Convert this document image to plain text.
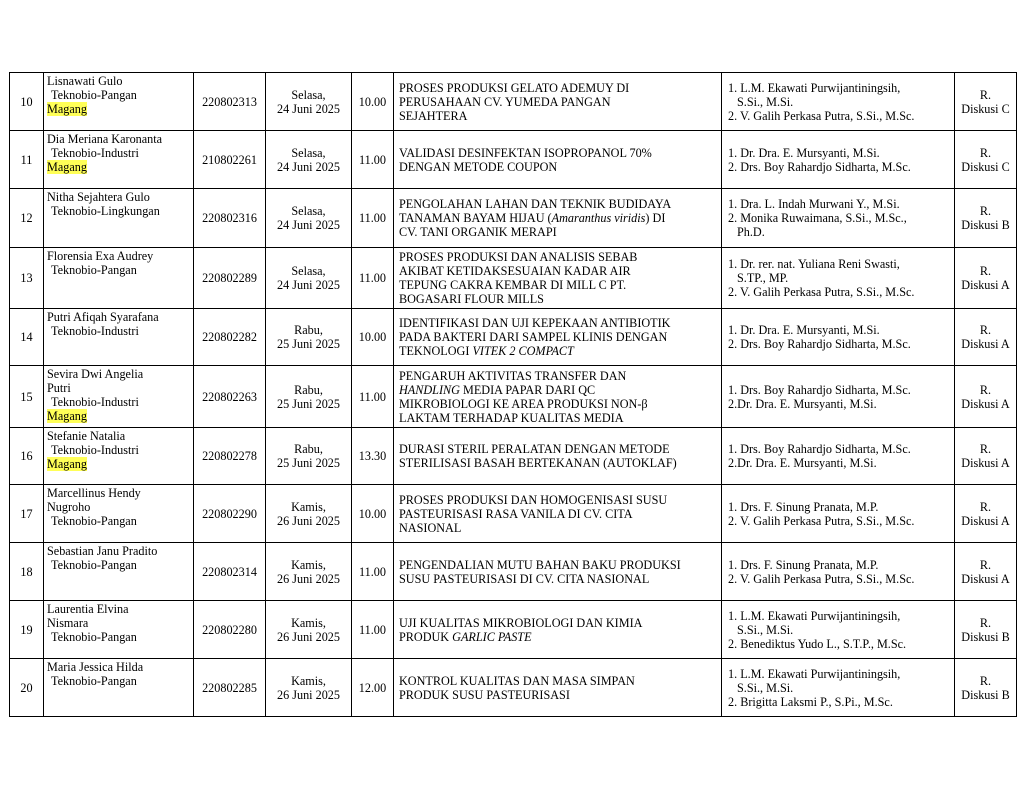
10	Lisnawati Gulo
Teknobio-Pangan
Magang	220802313	Selasa,
24 Juni 2025	10.00	PROSES PRODUKSI GELATO ADEMUY DI
PERUSAHAAN CV. YUMEDA PANGAN
SEJAHTERA	1. L.M. Ekawati Purwijantiningsih,
S.Si., M.Si.
2. V. Galih Perkasa Putra, S.Si., M.Sc.	R.
Diskusi C

11	Dia Meriana Karonanta
Teknobio-Industri
Magang	210802261	Selasa,
24 Juni 2025	11.00	VALIDASI DESINFEKTAN ISOPROPANOL 70%
DENGAN METODE COUPON	1. Dr. Dra. E. Mursyanti, M.Si.
2. Drs. Boy Rahardjo Sidharta, M.Sc.	R.
Diskusi C

12	Nitha Sejahtera Gulo
Teknobio-Lingkungan	220802316	Selasa,
24 Juni 2025	11.00	PENGOLAHAN LAHAN DAN TEKNIK BUDIDAYA
TANAMAN BAYAM HIJAU (Amaranthus viridis) DI
CV. TANI ORGANIK MERAPI	1. Dra. L. Indah Murwani Y., M.Si.
2. Monika Ruwaimana, S.Si., M.Sc.,
Ph.D.	R.
Diskusi B

13	Florensia Exa Audrey
Teknobio-Pangan	220802289	Selasa,
24 Juni 2025	11.00	PROSES PRODUKSI DAN ANALISIS SEBAB
AKIBAT KETIDAKSESUAIAN KADAR AIR
TEPUNG CAKRA KEMBAR DI MILL C PT.
BOGASARI FLOUR MILLS	1. Dr. rer. nat. Yuliana Reni Swasti,
S.TP., MP.
2. V. Galih Perkasa Putra, S.Si., M.Sc.	R.
Diskusi A

14	Putri Afiqah Syarafana
Teknobio-Industri	220802282	Rabu,
25 Juni 2025	10.00	IDENTIFIKASI DAN UJI KEPEKAAN ANTIBIOTIK
PADA BAKTERI DARI SAMPEL KLINIS DENGAN
TEKNOLOGI VITEK 2 COMPACT	1. Dr. Dra. E. Mursyanti, M.Si.
2. Drs. Boy Rahardjo Sidharta, M.Sc.	R.
Diskusi A

15	Sevira Dwi Angelia
Putri
Teknobio-Industri
Magang	220802263	Rabu,
25 Juni 2025	11.00	PENGARUH AKTIVITAS TRANSFER DAN
HANDLING MEDIA PAPAR DARI QC
MIKROBIOLOGI KE AREA PRODUKSI NON-β
LAKTAM TERHADAP KUALITAS MEDIA	1. Drs. Boy Rahardjo Sidharta, M.Sc.
2.Dr. Dra. E. Mursyanti, M.Si.	R.
Diskusi A

16	Stefanie Natalia
Teknobio-Industri
Magang	220802278	Rabu,
25 Juni 2025	13.30	DURASI STERIL PERALATAN DENGAN METODE
STERILISASI BASAH BERTEKANAN (AUTOKLAF)	1. Drs. Boy Rahardjo Sidharta, M.Sc.
2.Dr. Dra. E. Mursyanti, M.Si.	R.
Diskusi A

17	Marcellinus Hendy
Nugroho
Teknobio-Pangan	220802290	Kamis,
26 Juni 2025	10.00	PROSES PRODUKSI DAN HOMOGENISASI SUSU
PASTEURISASI RASA VANILA DI CV. CITA
NASIONAL	1. Drs. F. Sinung Pranata, M.P.
2. V. Galih Perkasa Putra, S.Si., M.Sc.	R.
Diskusi A

18	Sebastian Janu Pradito
Teknobio-Pangan	220802314	Kamis,
26 Juni 2025	11.00	PENGENDALIAN MUTU BAHAN BAKU PRODUKSI
SUSU PASTEURISASI DI CV. CITA NASIONAL	1. Drs. F. Sinung Pranata, M.P.
2. V. Galih Perkasa Putra, S.Si., M.Sc.	R.
Diskusi A

19	Laurentia Elvina
Nismara
Teknobio-Pangan	220802280	Kamis,
26 Juni 2025	11.00	UJI KUALITAS MIKROBIOLOGI DAN KIMIA
PRODUK GARLIC PASTE	1. L.M. Ekawati Purwijantiningsih,
S.Si., M.Si.
2. Benediktus Yudo L., S.T.P., M.Sc.	R.
Diskusi B

20	Maria Jessica Hilda
Teknobio-Pangan	220802285	Kamis,
26 Juni 2025	12.00	KONTROL KUALITAS DAN MASA SIMPAN
PRODUK SUSU PASTEURISASI	1. L.M. Ekawati Purwijantiningsih,
S.Si., M.Si.
2. Brigitta Laksmi P., S.Pi., M.Sc.	R.
Diskusi B
